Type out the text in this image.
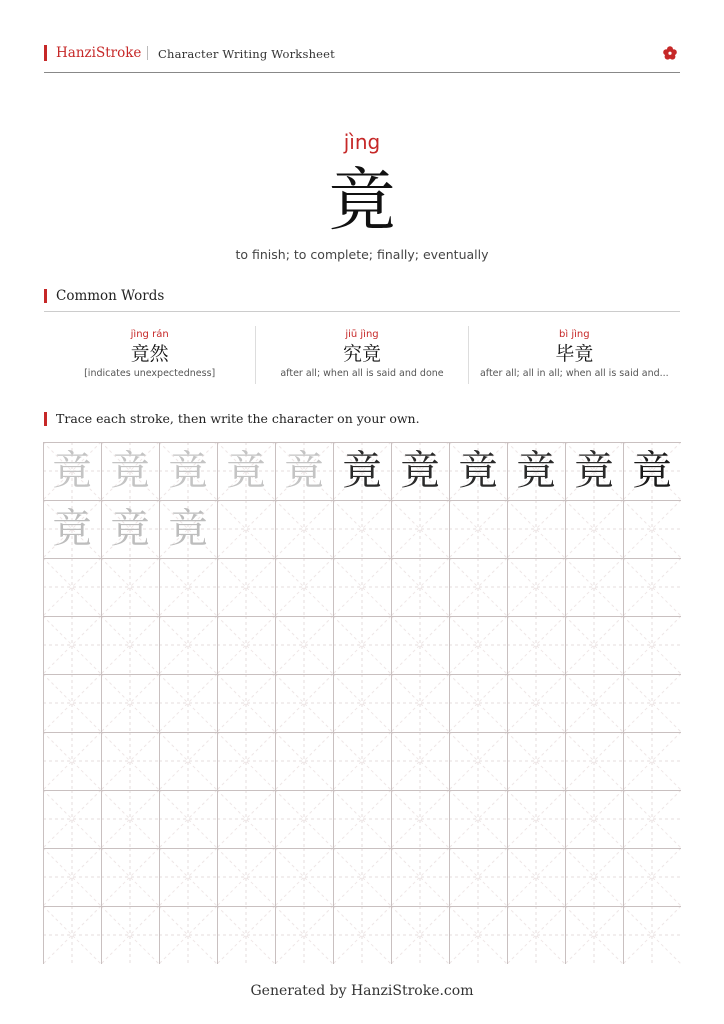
HanziStroke Character Writing Worksheet
jìng
竟
to finish; to complete; finally; eventually
Common Words
jìng rán
竟然
[indicates unexpectedness]
jiū jìng
究竟
after all; when all is said and done
bì jìng
毕竟
after all; all in all; when all is said and...
Trace each stroke, then write the character on your own.
竟 竟 竟 竟 竟 竟 竟 竟 竟 竟 竟
竟 竟 竟
Generated by HanziStroke.com
